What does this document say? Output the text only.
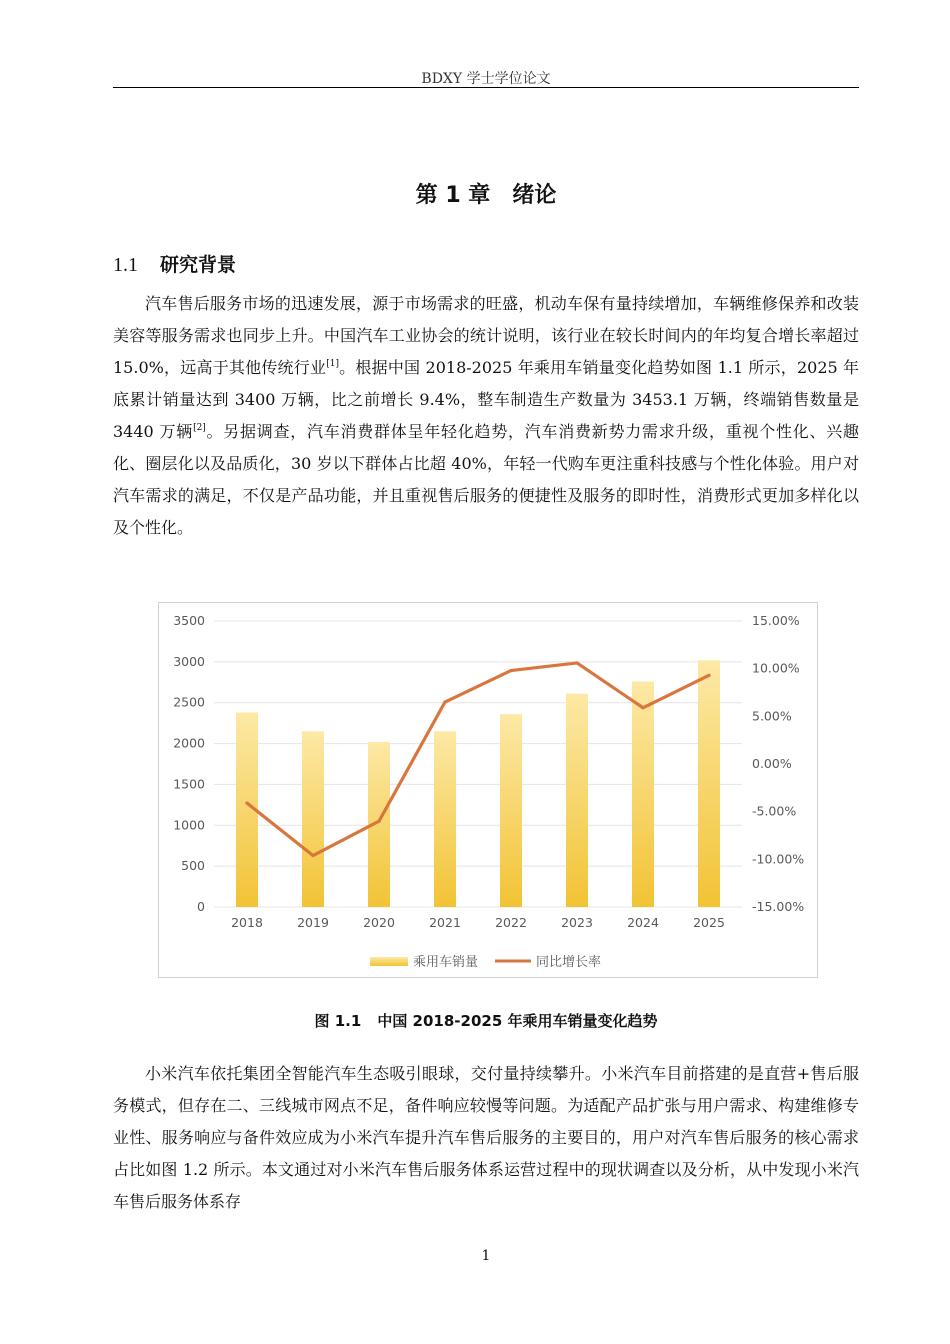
BDXY 学士学位论文
第 1 章 绪论
1.1 研究背景

汽车售后服务市场的迅速发展，源于市场需求的旺盛，机动车保有量持续增加，车辆维修保养和改装美容等服务需求也同步上升。中国汽车工业协会的统计说明，该行业在较长时间内的年均复合增长率超过 15.0%，远高于其他传统行业[1]。根据中国 2018-2025 年乘用车销量变化趋势如图 1.1 所示，2025 年底累计销量达到 3400 万辆，比之前增长 9.4%，整车制造生产数量为 3453.1 万辆，终端销售数量是 3440 万辆[2]。另据调查，汽车消费群体呈年轻化趋势，汽车消费新势力需求升级，重视个性化、兴趣化、圈层化以及品质化，30 岁以下群体占比超 40%，年轻一代购车更注重科技感与个性化体验。用户对汽车需求的满足，不仅是产品功能，并且重视售后服务的便捷性及服务的即时性，消费形式更加多样化以及个性化。

0
500
1000
1500
2000
2500
3000
3500
-15.00%
-10.00%
-5.00%
0.00%
5.00%
10.00%
15.00%
2018	2019	2020	2021	2022	2023	2024	2025
乘用车销量	同比增长率
图 1.1 中国 2018-2025 年乘用车销量变化趋势

小米汽车依托集团全智能汽车生态吸引眼球，交付量持续攀升。小米汽车目前搭建的是直营+售后服务模式，但存在二、三线城市网点不足，备件响应较慢等问题。为适配产品扩张与用户需求、构建维修专业性、服务响应与备件效应成为小米汽车提升汽车售后服务的主要目的，用户对汽车售后服务的核心需求占比如图 1.2 所示。本文通过对小米汽车售后服务体系运营过程中的现状调查以及分析，从中发现小米汽车售后服务体系存

1
